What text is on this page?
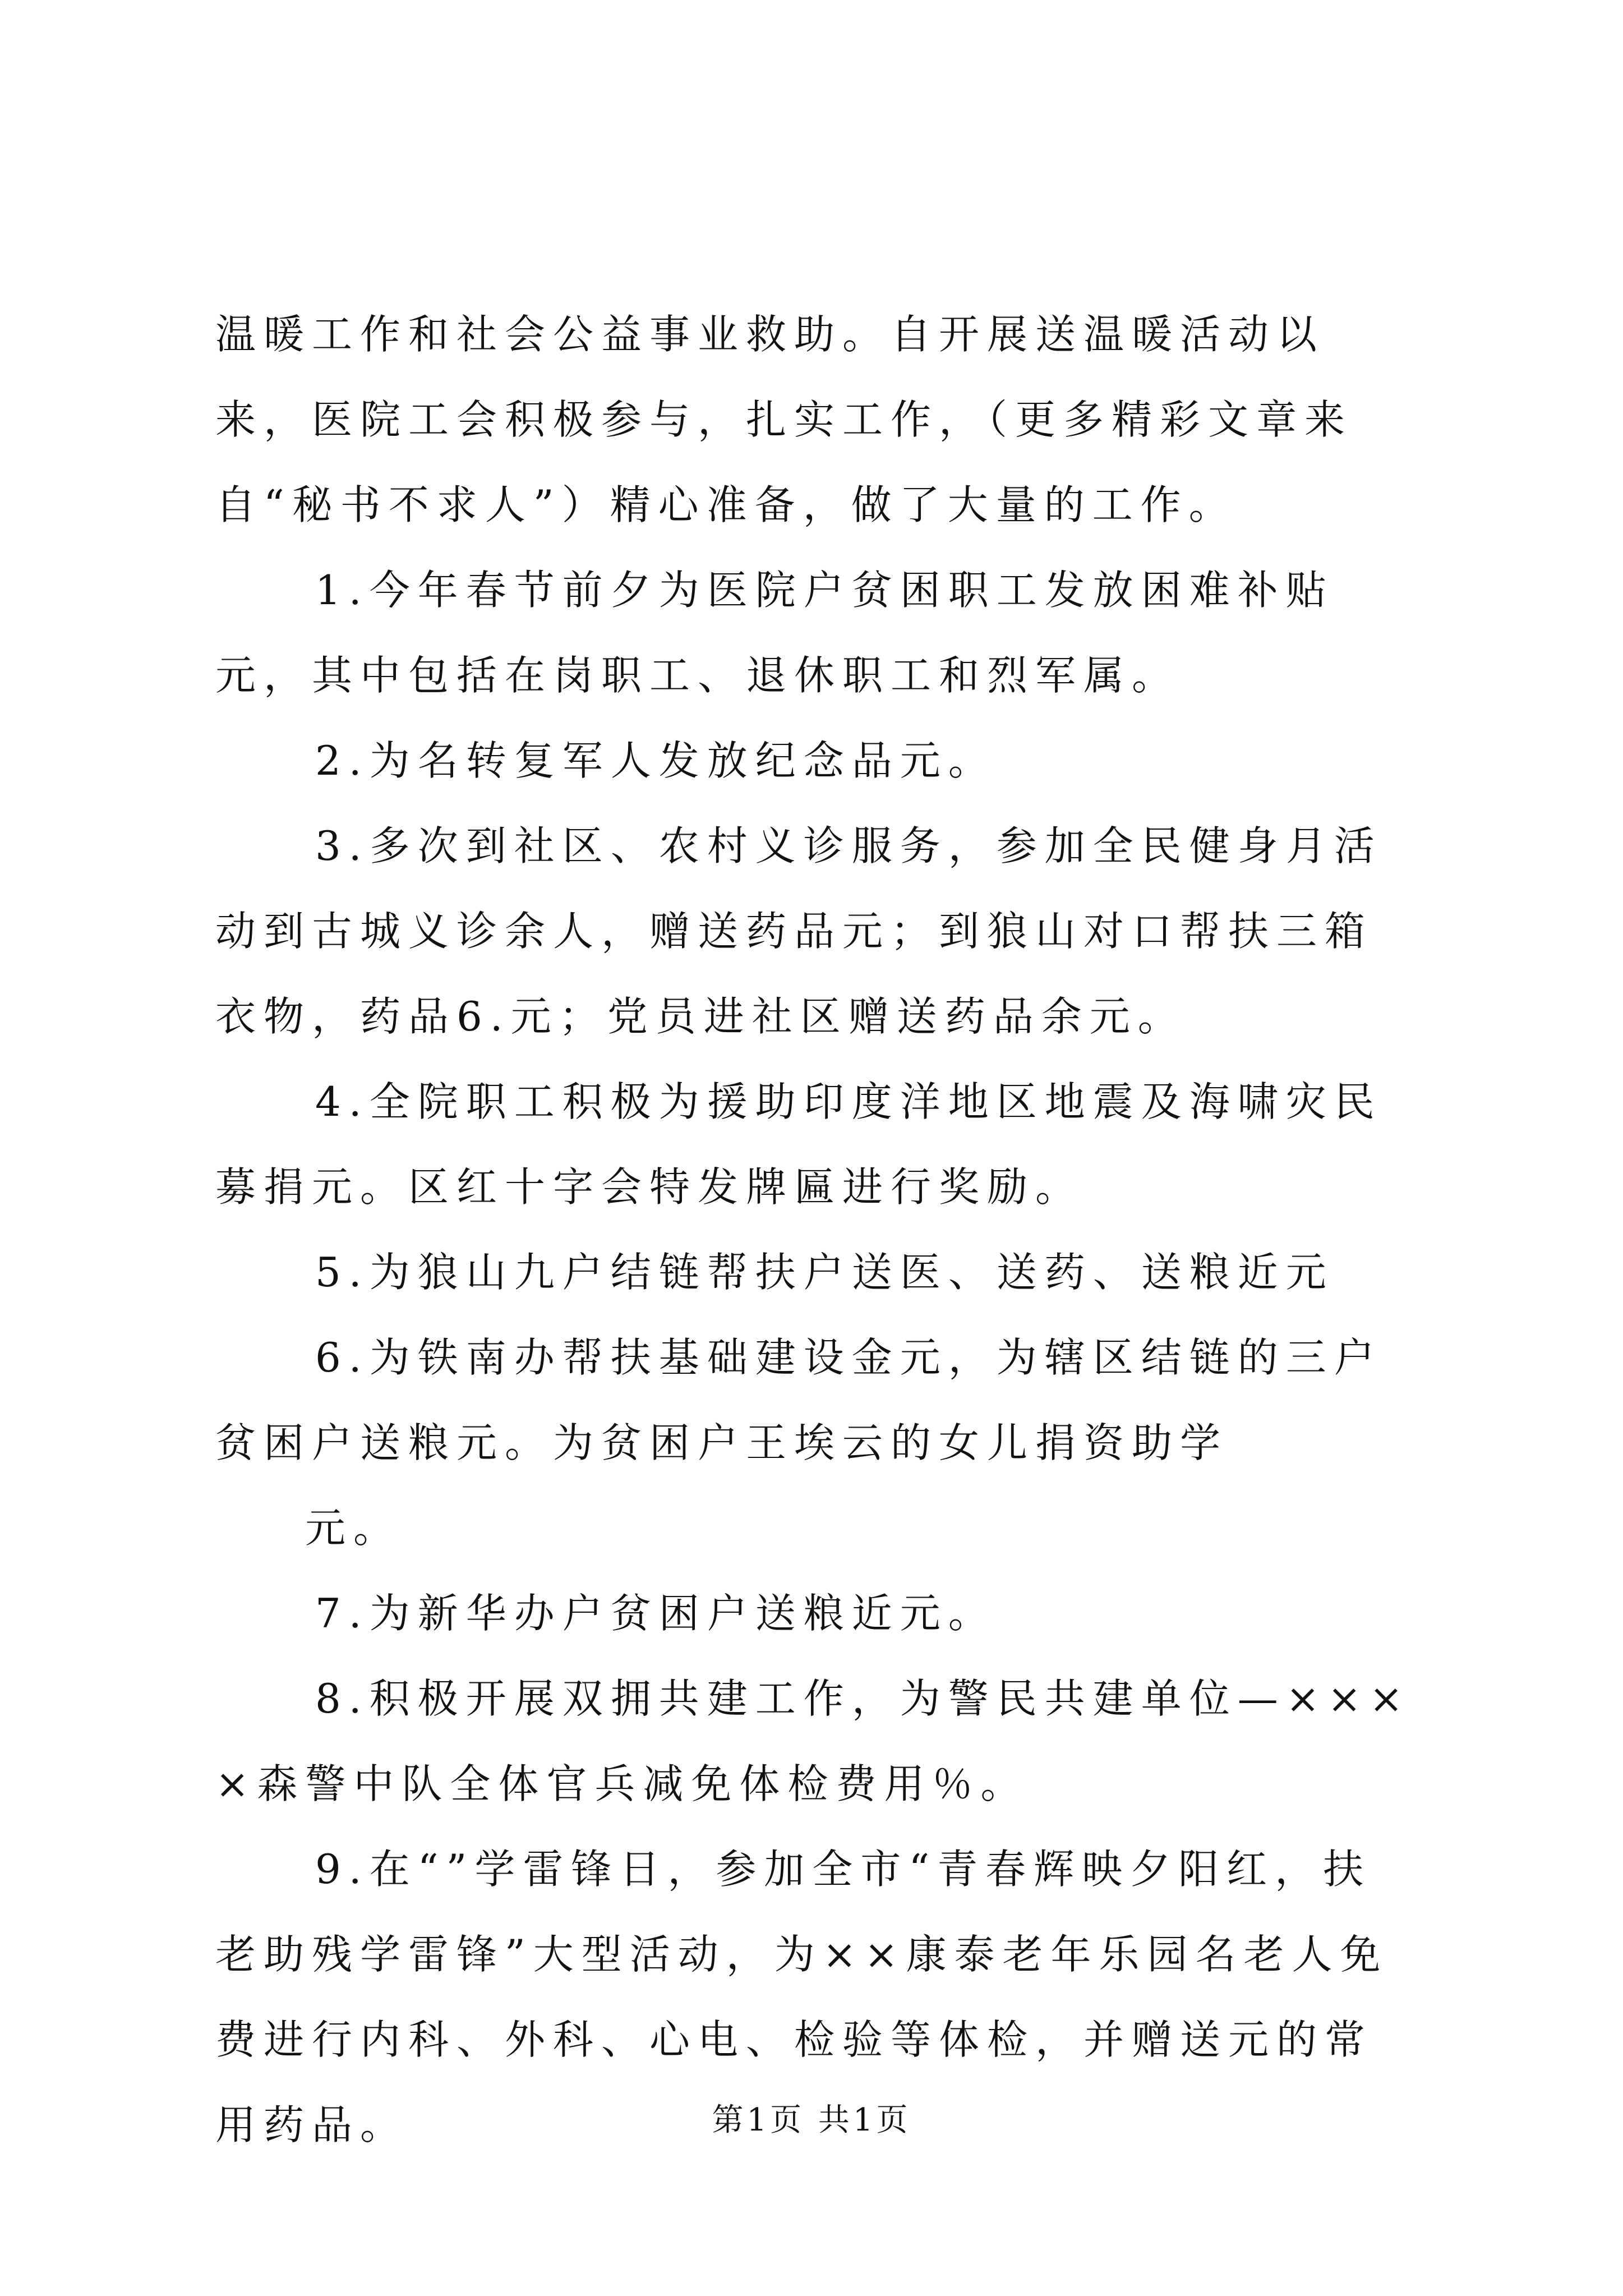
温暖工作和社会公益事业救助。自开展送温暖活动以来，医院工会积极参与，扎实工作，（更多精彩文章来自“秘书不求人”）精心准备，做了大量的工作。

1.今年春节前夕为医院户贫困职工发放困难补贴元，其中包括在岗职工、退休职工和烈军属。

2.为名转复军人发放纪念品元。

3.多次到社区、农村义诊服务，参加全民健身月活动到古城义诊余人，赠送药品元；到狼山对口帮扶三箱衣物，药品6.元；党员进社区赠送药品余元。

4.全院职工积极为援助印度洋地区地震及海啸灾民募捐元。区红十字会特发牌匾进行奖励。

5.为狼山九户结链帮扶户送医、送药、送粮近元

6.为铁南办帮扶基础建设金元，为辖区结链的三户贫困户送粮元。为贫困户王埃云的女儿捐资助学

元。

7.为新华办户贫困户送粮近元。

8.积极开展双拥共建工作，为警民共建单位—××××森警中队全体官兵减免体检费用％。

9.在“”学雷锋日，参加全市“青春辉映夕阳红，扶老助残学雷锋”大型活动，为××康泰老年乐园名老人免费进行内科、外科、心电、检验等体检，并赠送元的常用药品。	第1页 共1页
